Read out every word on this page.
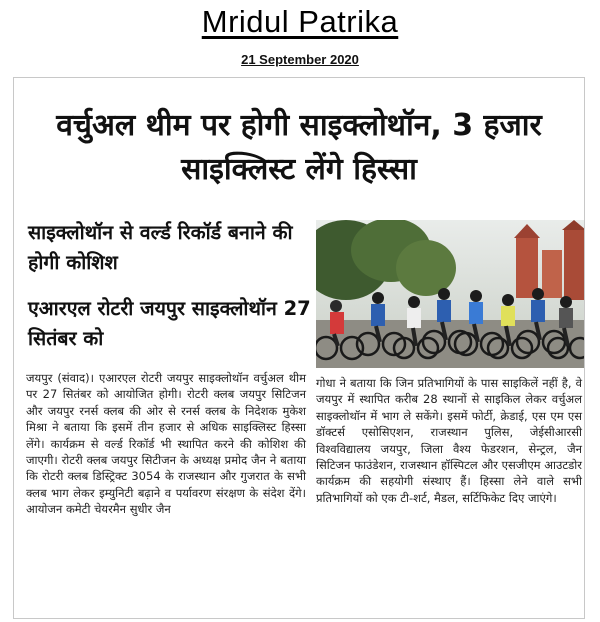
Mridul Patrika
21 September 2020
वर्चुअल थीम पर होगी साइक्लोथॉन, 3 हजार साइक्लिस्ट लेंगे हिस्सा
साइक्लोथॉन से वर्ल्ड रिकॉर्ड बनाने की होगी कोशिश
एआरएल रोटरी जयपुर साइक्लोथॉन 27 सितंबर को
जयपुर (संवाद)। एआरएल रोटरी जयपुर साइक्लोथॉन वर्चुअल थीम पर 27 सितंबर को आयोजित होगी। रोटरी क्लब जयपुर सिटिजन और जयपुर रनर्स क्लब की ओर से रनर्स क्लब के निदेशक मुकेश मिश्रा ने बताया कि इसमें तीन हजार से अधिक साइक्लिस्ट हिस्सा लेंगे। कार्यक्रम से वर्ल्ड रिकॉर्ड भी स्थापित करने की कोशिश की जाएगी। रोटरी क्लब जयपुर सिटीजन के अध्यक्ष प्रमोद जैन ने बताया कि रोटरी क्लब डिस्ट्रिक्ट 3054 के राजस्थान और गुजरात के सभी क्लब भाग लेकर इम्युनिटी बढ़ाने व पर्यावरण संरक्षण के संदेश देंगे। आयोजन कमेटी चेयरमैन सुधीर जैन
गोधा ने बताया कि जिन प्रतिभागियों के पास साइकिलें नहीं है, वे जयपुर में स्थापित करीब 28 स्थानों से साइकिल लेकर वर्चुअल साइक्लोथॉन में भाग ले सकेंगे। इसमें फोर्टी, क्रेडाई, एस एम एस डॉक्टर्स एसोसिएशन, राजस्थान पुलिस, जेईसीआरसी विश्वविद्यालय जयपुर, जिला वैश्य फेडरशन, सेन्ट्रल, जैन सिटिजन फाउंडेशन, राजस्थान हॉस्पिटल और एसजीएम आउटडोर कार्यक्रम की सहयोगी संस्थाए हैं। हिस्सा लेने वाले सभी प्रतिभागियों को एक टी-शर्ट, मैडल, सर्टिफिकेट दिए जाएंगे।
